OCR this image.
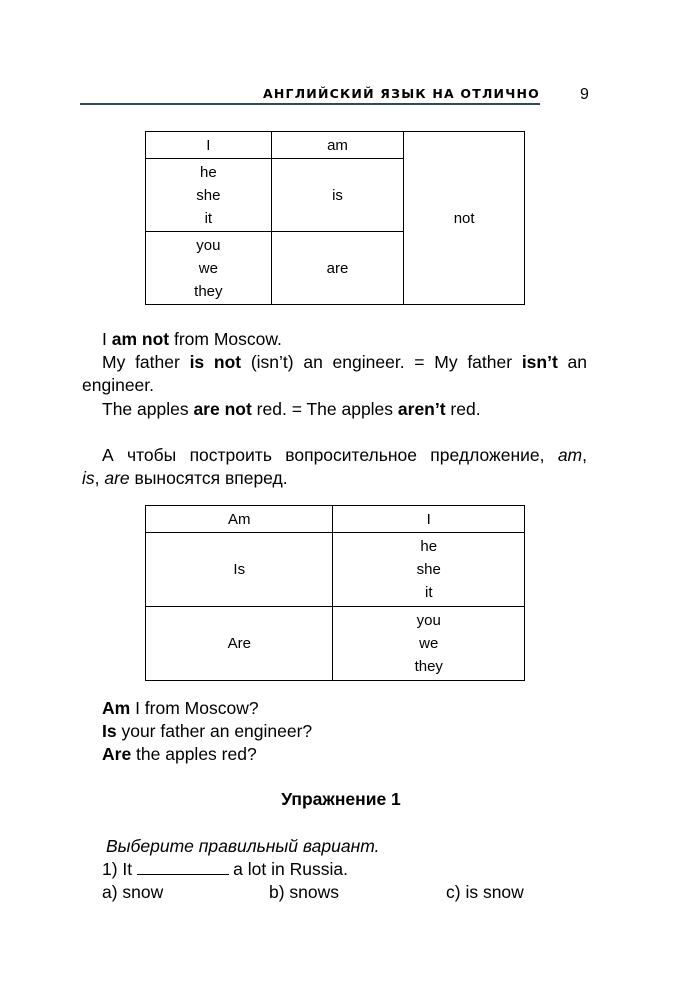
АНГЛИЙСКИЙ ЯЗЫК НА ОТЛИЧНО	9
I	am	not

he
she
it	is	

you
we
they	are	
I am not from Moscow.
My father is not (isn’t) an engineer. = My father isn’t an
engineer.
The apples are not red. = The apples aren’t red.
А чтобы построить вопросительное предложение, am,
is, are выносятся вперед.
Am	I

Is	he
she
it

Are	you
we
they
Am I from Moscow?
Is your father an engineer?
Are the apples red?
Упражнение 1
Выберите правильный вариант.
1) It	a lot in Russia.
a) snow	b) snows	c) is snow
